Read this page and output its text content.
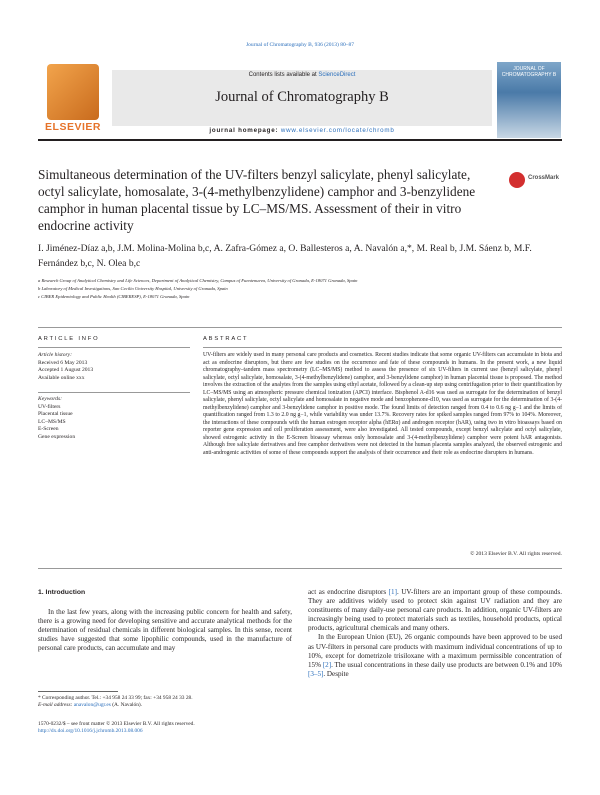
Journal of Chromatography B, 936 (2013) 80–87
ELSEVIER
Contents lists available at ScienceDirect
Journal of Chromatography B
journal homepage: www.elsevier.com/locate/chromb
JOURNAL OF CHROMATOGRAPHY B
Simultaneous determination of the UV-filters benzyl salicylate, phenyl salicylate, octyl salicylate, homosalate, 3-(4-methylbenzylidene) camphor and 3-benzylidene camphor in human placental tissue by LC–MS/MS. Assessment of their in vitro endocrine activity
CrossMark
I. Jiménez-Díaz a,b, J.M. Molina-Molina b,c, A. Zafra-Gómez a, O. Ballesteros a, A. Navalón a,*, M. Real b, J.M. Sáenz b, M.F. Fernández b,c, N. Olea b,c
a Research Group of Analytical Chemistry and Life Sciences, Department of Analytical Chemistry, Campus of Fuentenueva, University of Granada, E-18071 Granada, Spain
b Laboratory of Medical Investigations, San Cecilio University Hospital, University of Granada, Spain
c CIBER Epidemiology and Public Health (CIBERESP), E-18071 Granada, Spain
ARTICLE INFO	ABSTRACT
Article history:
Received 6 May 2013
Accepted 1 August 2013
Available online xxx
Keywords:
UV-filters
Placental tissue
LC–MS/MS
E-Screen
Gene expression
UV-filters are widely used in many personal care products and cosmetics. Recent studies indicate that some organic UV-filters can accumulate in biota and act as endocrine disruptors, but there are few studies on the occurrence and fate of these compounds in humans. In the present work, a new liquid chromatography–tandem mass spectrometry (LC–MS/MS) method to assess the presence of six UV-filters in current use (benzyl salicylate, phenyl salicylate, octyl salicylate, homosalate, 3-(4-methylbenzylidene) camphor, and 3-benzylidene camphor) in human placental tissue is proposed. The method involves the extraction of the analytes from the samples using ethyl acetate, followed by a clean-up step using centrifugation prior to their quantification by LC–MS/MS using an atmospheric pressure chemical ionization (APCI) interface. Bisphenol A-d16 was used as surrogate for the determination of benzyl salicylate, phenyl salicylate, octyl salicylate and homosalate in negative mode and benzophenone-d10, was used as surrogate for the determination of 3-(4-methylbenzylidene) camphor and 3-benzylidene camphor in positive mode. The found limits of detection ranged from 0.4 to 0.6 ng g−1 and the limits of quantification ranged from 1.3 to 2.0 ng g−1, while variability was under 13.7%. Recovery rates for spiked samples ranged from 97% to 104%. Moreover, the interactions of these compounds with the human estrogen receptor alpha (hERα) and androgen receptor (hAR), using two in vitro bioassays based on reporter gene expression and cell proliferation assessment, were also investigated. All tested compounds, except benzyl salicylate and octyl salicylate, showed estrogenic activity in the E-Screen bioassay whereas only homosalate and 3-(4-methylbenzylidene) camphor were potent hAR antagonists. Although free salicylate derivatives and free camphor derivatives were not detected in the human placenta samples analyzed, the observed estrogenic and anti-androgenic activities of some of these compounds support the analysis of their occurrence and their role as endocrine disrupters in humans.
© 2013 Elsevier B.V. All rights reserved.
1. Introduction

In the last few years, along with the increasing public concern for health and safety, there is a growing need for developing sensitive and accurate analytical methods for the determination of residual chemicals in different biological samples. In this sense, recent studies have suggested that some lipophilic compounds, used in the manufacture of personal care products, can accumulate and may

act as endocrine disruptors [1]. UV-filters are an important group of these compounds. They are additives widely used to protect skin against UV radiation and they are constituents of many daily-use personal care products. In addition, organic UV-filters are increasingly being used to protect materials such as textiles, household products, optical products, agricultural chemicals and many others.

In the European Union (EU), 26 organic compounds have been approved to be used as UV-filters in personal care products with maximum individual concentrations of up to 10%, except for dometrizole trisiloxane with a maximum permissible concentration of 15% [2]. The usual concentrations in these daily use products are between 0.1% and 10% [3–5]. Despite

* Corresponding author. Tel.: +34 958 24 33 99; fax: +34 958 24 33 28.
E-mail address: anavalon@ugr.es (A. Navalón).
1570-0232/$ – see front matter © 2013 Elsevier B.V. All rights reserved.
http://dx.doi.org/10.1016/j.jchromb.2013.08.006
